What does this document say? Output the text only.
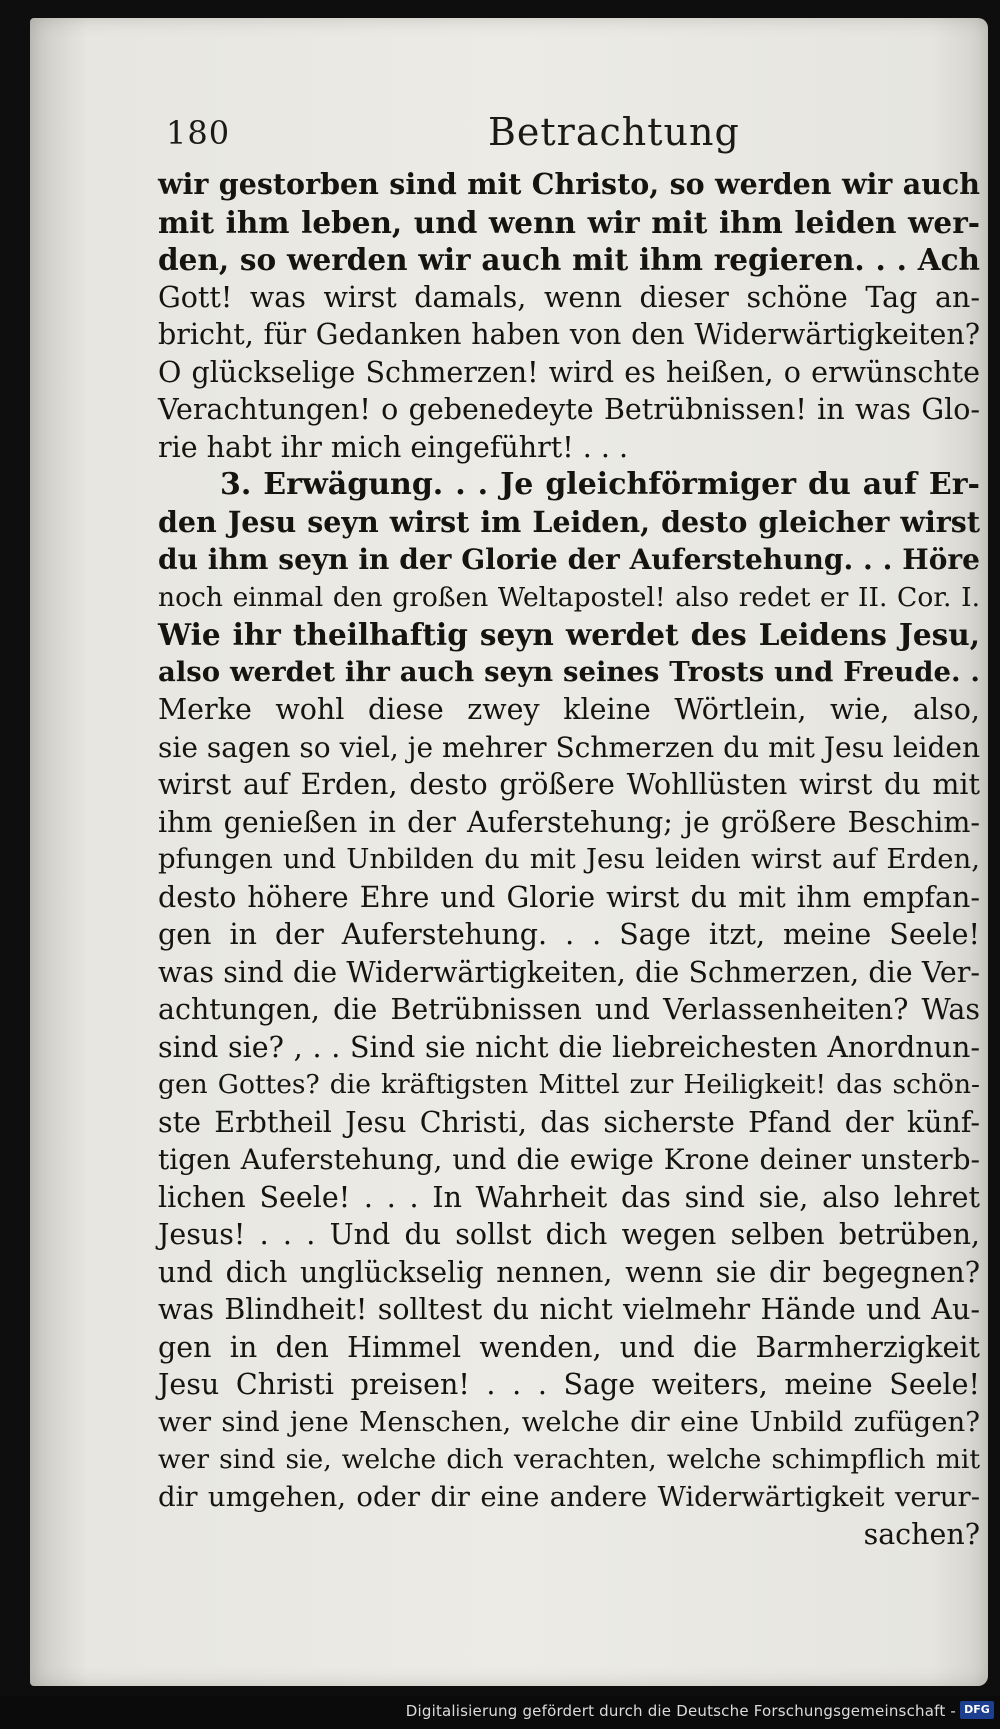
180	Betrachtung
wir gestorben sind mit Christo, so werden wir auch
mit ihm leben, und wenn wir mit ihm leiden wer-
den, so werden wir auch mit ihm regieren. . . Ach
Gott! was wirst damals, wenn dieser schöne Tag an-
bricht, für Gedanken haben von den Widerwärtigkeiten?
O glückselige Schmerzen! wird es heißen, o erwünschte
Verachtungen! o gebenedeyte Betrübnissen! in was Glo-
rie habt ihr mich eingeführt! . . .
3. Erwägung. . . Je gleichförmiger du auf Er-
den Jesu seyn wirst im Leiden, desto gleicher wirst
du ihm seyn in der Glorie der Auferstehung. . . Höre
noch einmal den großen Weltapostel! also redet er II. Cor. I.
Wie ihr theilhaftig seyn werdet des Leidens Jesu,
also werdet ihr auch seyn seines Trosts und Freude. .
Merke wohl diese zwey kleine Wörtlein, wie, also,
sie sagen so viel, je mehrer Schmerzen du mit Jesu leiden
wirst auf Erden, desto größere Wohllüsten wirst du mit
ihm genießen in der Auferstehung; je größere Beschim-
pfungen und Unbilden du mit Jesu leiden wirst auf Erden,
desto höhere Ehre und Glorie wirst du mit ihm empfan-
gen in der Auferstehung. . . Sage itzt, meine Seele!
was sind die Widerwärtigkeiten, die Schmerzen, die Ver-
achtungen, die Betrübnissen und Verlassenheiten? Was
sind sie? , . . Sind sie nicht die liebreichesten Anordnun-
gen Gottes? die kräftigsten Mittel zur Heiligkeit! das schön-
ste Erbtheil Jesu Christi, das sicherste Pfand der künf-
tigen Auferstehung, und die ewige Krone deiner unsterb-
lichen Seele! . . . In Wahrheit das sind sie, also lehret
Jesus! . . . Und du sollst dich wegen selben betrüben,
und dich unglückselig nennen, wenn sie dir begegnen?
was Blindheit! solltest du nicht vielmehr Hände und Au-
gen in den Himmel wenden, und die Barmherzigkeit
Jesu Christi preisen! . . . Sage weiters, meine Seele!
wer sind jene Menschen, welche dir eine Unbild zufügen?
wer sind sie, welche dich verachten, welche schimpflich mit
dir umgehen, oder dir eine andere Widerwärtigkeit verur-
sachen?
Digitalisierung gefördert durch die Deutsche Forschungsgemeinschaft - DFG
